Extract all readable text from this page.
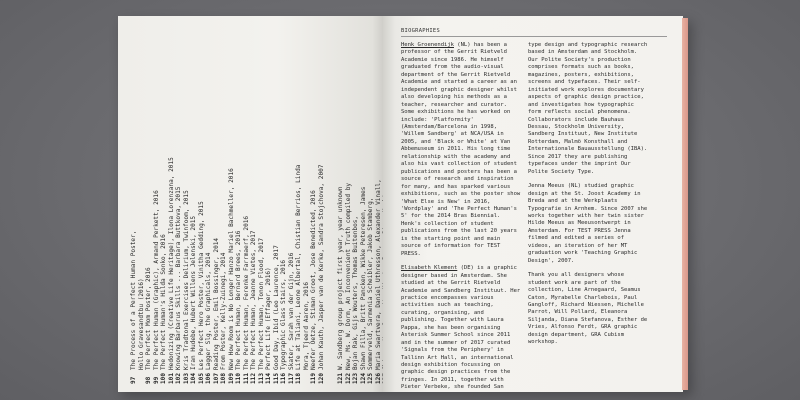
97
The Process of a Perfect Human Poster, Hollo Gravesandtbu (2016)
98
The Perfect Mom Poster, 2016
99
The Perfect Human (Graphic), Armand Perkett, 2016
100
The Perfect Human's Hilda Sonko, 2016
101
Hedonizing (Creative Life Heritage), Ilona Lorenzana, 2015
102
Knowing Barbarus Skills ... Barbara Buttkova, 2015
103
Kris Tradtonal Exercises Delirium, Twinfoom, 2015
104
Iran Hudebe, Hubert Willens Jelenski, 2015
105
Les Perfect Hero Poster, Vinitha Gedding, 2015
106
Lagger Slg, the Graphicals, 2014
107
Reading Poster, Emil Bossinger, 2014
108
From Poster, Kelly-Zuinegi, 2014
109
New How Room is No Longer Hanzo Mariel Bachmeller, 2016
110
The Perfect Human, Bernard Brees, 2016
111
The Perfect Human, Ferenke Farrmaerf, 2016
112
The Perfect Human, Jeanne Vietes, 2017
113
The Perfect Human, Tonon Flood, 2017
114
Perfect Life (Effager, 2016)
115
Good Day, Ibid (Leo Laurence, 2017
116
Typographic Glass Stairs, 2016
117
Skater, Sarah van der Gijn, 2016
118
Life at Taliani, Leone Albertal, Chistian Berrios, Linda Mora, Tjeerd Aaren, 2016
119
Neefer Oetze, Stiman Groot, Jose Benedicted, 2016
120
Johan Kauth, Jasper van de Kerke, Sandra Stojchova, 2007
121
W. Sandberg group project first year, year unknown
122
New, Ms. W. Dorm, An Inconvenient Truth compiled by
123
Bojan Rak, Gijs Wouters, Thomas Buitenbos,
124
Shawn Filla, Britt Pancken, Wikke Peteresen, James
125
Sommerveld, Sarmenia Scheibler, Jakob Stamberg,
126
Maria Swartvera, Daniel Uthresson, Alexander Vinall,
BIOGRAPHIES

Henk Groenendijk (NL) has been a professor of the Gerrit Rietveld Academie since 1986. He himself graduated from the audio-visual department of the Gerrit Rietveld Academie and started a career as an independent graphic designer whilst also developing his methods as a teacher, researcher and curator. Some exhibitions he has worked on include: 'Platformity' (Amsterdam/Barcelona in 1998, 'Willem Sandberg' at NCA/USA in 2005, and 'Black or White' at Van Abbemuseum in 2011. His long time relationship with the academy and also his vast collection of student publications and posters has been a source of research and inspiration for many, and has sparked various exhibitions, such as the poster show 'What Else is New' in 2016, 'Wordplay' and 'The Perfect Human's 5' for the 2014 Bras Biennial. Henk's collection of student publications from the last 20 years is the starting point and main source of information for TEST PRESS.

Elisabeth Klement (DE) is a graphic designer based in Amsterdam. She studied at the Gerrit Rietveld Academie and Sandberg Instituut. Her practice encompasses various activities such as teaching, curating, organising, and publishing. Together with Laura Pappa, she has been organising Asterisk Summer School since 2011 and in the summer of 2017 curated 'Signals from the Periphery' in Tallinn Art Hall, an international design exhibition focussing on graphic design practices from the fringes. In 2011, together with Pieter Verbeke, she founded San

type design and typographic research based in Amsterdam and Stockholm. Our Polite Society's production comprises formats such as books, magazines, posters, exhibitions, screens and typefaces. Their self-initiated work explores documentary aspects of graphic design practice, and investigates how typographic form reflects social phenomena. Collaborators include Bauhaus Dessau, Stockholm University, Sandberg Instituut, New Institute Rotterdam, Malmö Konsthall and Internationale Bauausstellung (IBA). Since 2017 they are publishing typefaces under the imprint Our Polite Society Type.

Jenna Meeus (NL) studied graphic design at the St. Joost Academy in Breda and at the Werkplaats Typografie in Arnhem. Since 2007 she works together with her twin sister Hilde Meeus as Meeusontwerpt in Amsterdam. For TEST PRESS Jenna filmed and edited a series of videos, an iteration of her MT graduation work 'Teaching Graphic Design', 2007.

Thank you all designers whose student work are part of the collection, Line Arnegaard, Seamus Caton, Myrabelle Charlebois, Paul Gangloff, Richard Niessen, Michelle Parrot, Will Pollard, Eleanora Siljanda, Diana Stefanova, Esther de Vries, Alfonso Ferdt, GRA graphic design department, GRA Cubism workshop.
